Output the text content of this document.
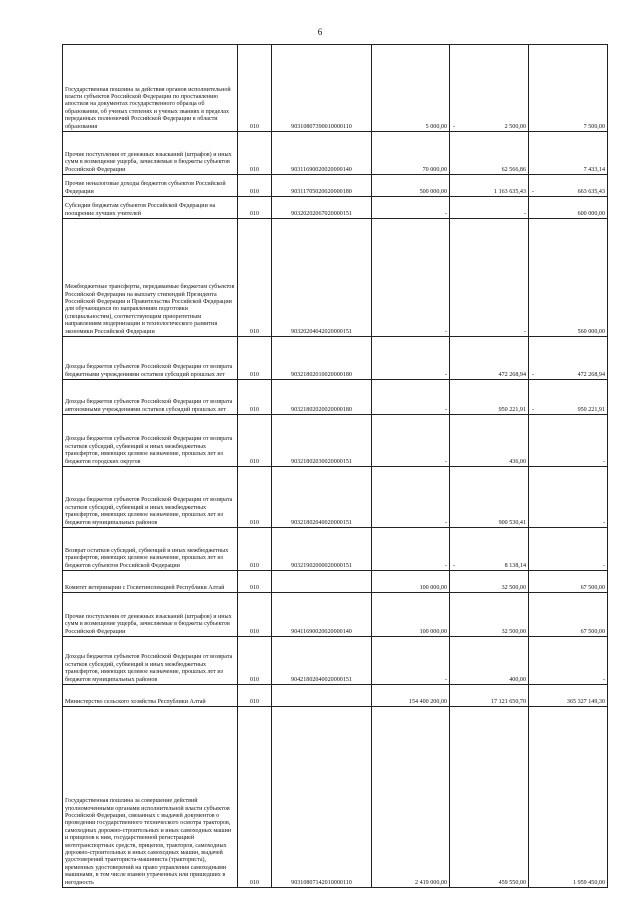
6
Государственная пошлина за действия органов исполнительной власти субъектов Российской Федерации по проставлению апостиля на документах государственного образца об образовании, об ученых степенях и ученых званиях в пределах переданных полномочий Российской Федерации в области образования	010	90310807390010000110	5 000,00	- 2 500,00	7 500,00
Прочие поступления от денежных взысканий (штрафов) и иных сумм в возмещение ущерба, зачисляемые в бюджеты субъектов Российской Федерации	010	90311690020020000140	70 000,00	62 566,86	7 433,14
Прочие неналоговые доходы бюджетов субъектов Российской Федерации	010	90311705020020000180	500 000,00	1 163 635,43	- 663 635,43
Субсидии бюджетам субъектов Российской Федерации на поощрение лучших учителей	010	90320202067020000151	-	-	600 000,00
Межбюджетные трансферты, передаваемые бюджетам субъектов Российской Федерации на выплату стипендий Президента Российской Федерации и Правительства Российской Федерации для обучающихся по направлениям подготовки (специальностям), соответствующим приоритетным направлениям модернизации и технологического развития экономики Российской Федерации	010	90320204042020000151	-	-	560 000,00
Доходы бюджетов субъектов Российской Федерации от возврата бюджетными учреждениями остатков субсидий прошлых лет	010	90321802010020000180	-	472 268,94	- 472 268,94
Доходы бюджетов субъектов Российской Федерации от возврата автономными учреждениями остатков субсидий прошлых лет	010	90321802020020000180	-	950 221,91	- 950 221,91
Доходы бюджетов субъектов Российской Федерации от возврата остатков субсидий, субвенций и иных межбюджетных трансфертов, имеющих целевое назначение, прошлых лет из бюджетов городских округов	010	90321802030020000151	-	436,00	-
Доходы бюджетов субъектов Российской Федерации от возврата остатков субсидий, субвенций и иных межбюджетных трансфертов, имеющих целевое назначение, прошлых лет из бюджетов муниципальных районов	010	90321802040020000151	-	900 530,41	-
Возврат остатков субсидий, субвенций и иных межбюджетных трансфертов, имеющих целевое назначение, прошлых лет из бюджетов субъектов Российской Федерации	010	90321902000020000151	-	- 8 138,14	-
Комитет ветеринарии с Госветинспекцией Республики Алтай	010		100 000,00	32 500,00	67 500,00
Прочие поступления от денежных взысканий (штрафов) и иных сумм в возмещение ущерба, зачисляемые в бюджеты субъектов Российской Федерации	010	90411690020020000140	100 000,00	32 500,00	67 500,00
Доходы бюджетов субъектов Российской Федерации от возврата остатков субсидий, субвенций и иных межбюджетных трансфертов, имеющих целевое назначение, прошлых лет из бюджетов муниципальных районов	010	90421802040020000151	-	400,00	-
Министерство сельского хозяйства Республики Алтай	010		154 400 200,00	17 121 650,70	365 327 149,30
Государственная пошлина за совершение действий уполномоченными органами исполнительной власти субъектов Российской Федерации, связанных с выдачей документов о проведении государственного технического осмотра тракторов, самоходных дорожно-строительных и иных самоходных машин и прицепов к ним, государственной регистрацией мототранспортных средств, прицепов, тракторов, самоходных дорожно-строительных и иных самоходных машин, выдачей удостоверений тракториста-машиниста (тракториста), временных удостоверений на право управления самоходными машинами, в том числе взамен утраченных или пришедших в негодность	010	90310807142010000110	2 419 000,00	459 550,00	1 959 450,00
